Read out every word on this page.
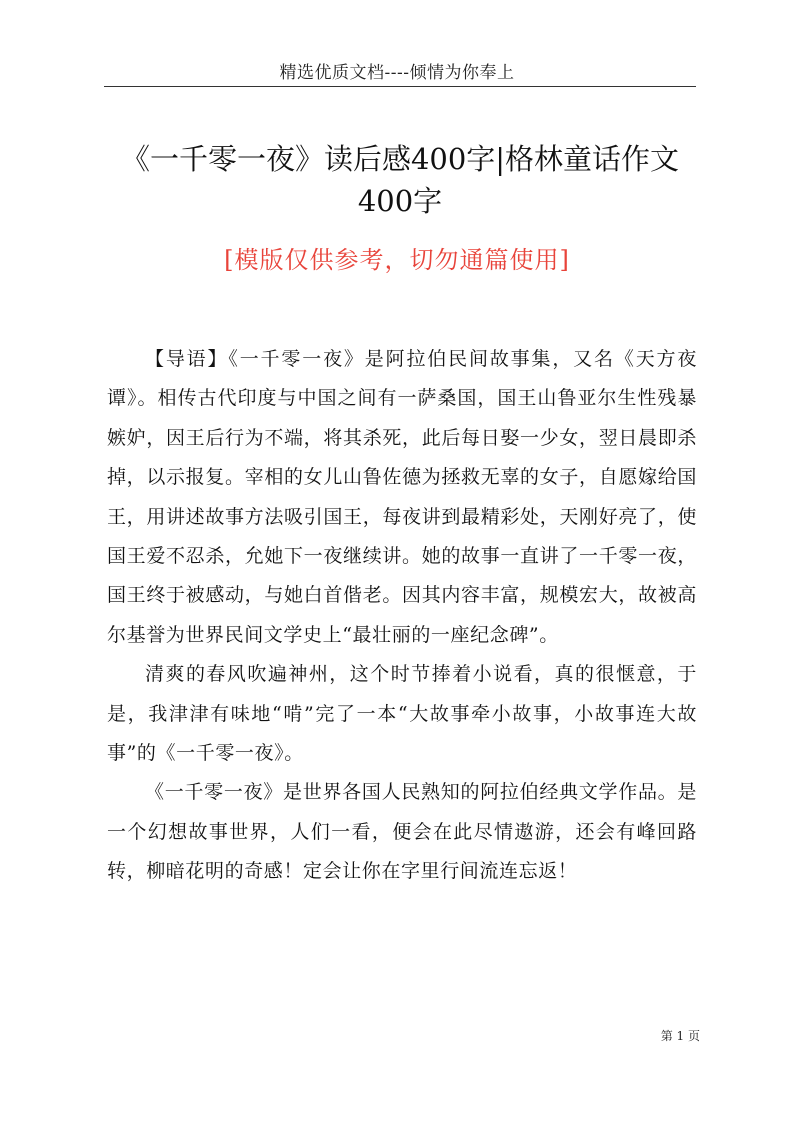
精选优质文档----倾情为你奉上
《一千零一夜》读后感400字|格林童话作文400字
[模版仅供参考，切勿通篇使用]

【导语】《一千零一夜》是阿拉伯民间故事集，又名《天方夜谭》。相传古代印度与中国之间有一萨桑国，国王山鲁亚尔生性残暴嫉妒，因王后行为不端，将其杀死，此后每日娶一少女，翌日晨即杀掉，以示报复。宰相的女儿山鲁佐德为拯救无辜的女子，自愿嫁给国王，用讲述故事方法吸引国王，每夜讲到最精彩处，天刚好亮了，使国王爱不忍杀，允她下一夜继续讲。她的故事一直讲了一千零一夜，国王终于被感动，与她白首偕老。因其内容丰富，规模宏大，故被高尔基誉为世界民间文学史上“最壮丽的一座纪念碑”。

清爽的春风吹遍神州，这个时节捧着小说看，真的很惬意，于是，我津津有味地“啃”完了一本“大故事牵小故事，小故事连大故事”的《一千零一夜》。

《一千零一夜》是世界各国人民熟知的阿拉伯经典文学作品。是一个幻想故事世界，人们一看，便会在此尽情遨游，还会有峰回路转，柳暗花明的奇感！定会让你在字里行间流连忘返！

第 1 页
